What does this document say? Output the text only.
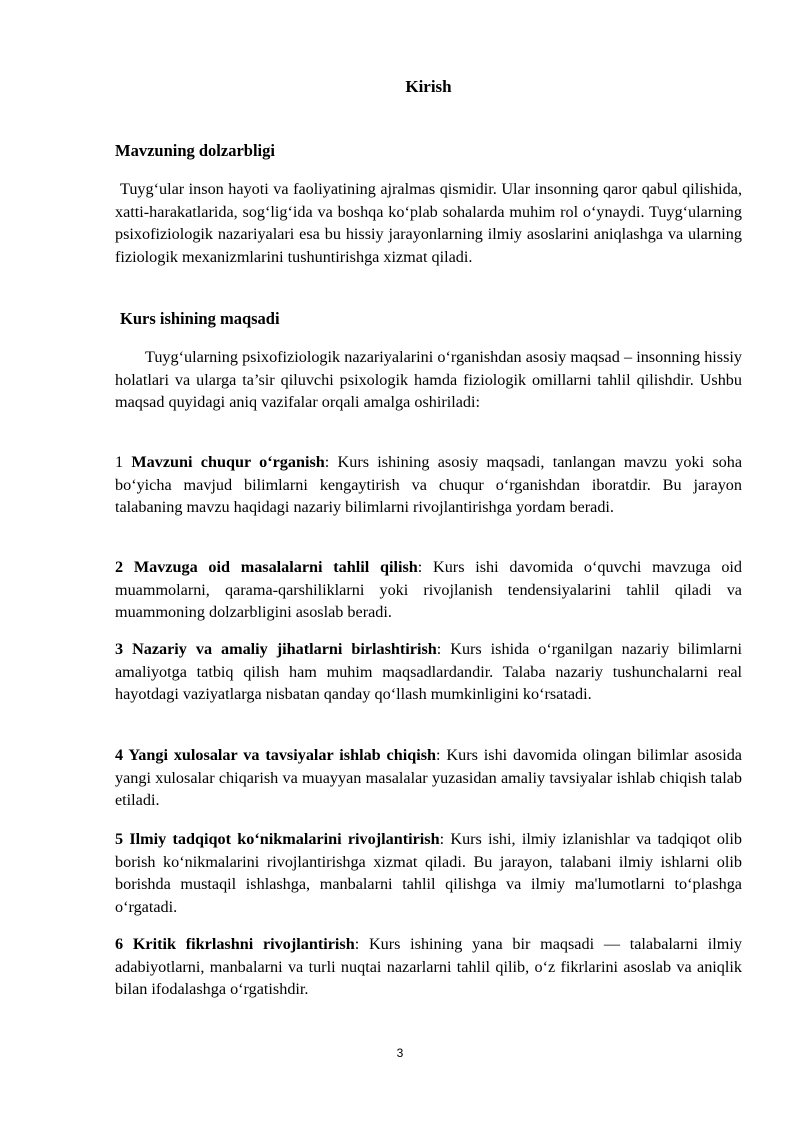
Kirish
Mavzuning dolzarbligi

Tuyg‘ular inson hayoti va faoliyatining ajralmas qismidir. Ular insonning qaror qabul qilishida, xatti-harakatlarida, sog‘lig‘ida va boshqa ko‘plab sohalarda muhim rol o‘ynaydi. Tuyg‘ularning psixofiziologik nazariyalari esa bu hissiy jarayonlarning ilmiy asoslarini aniqlashga va ularning fiziologik mexanizmlarini tushuntirishga xizmat qiladi.

Kurs ishining maqsadi

Tuyg‘ularning psixofiziologik nazariyalarini o‘rganishdan asosiy maqsad – insonning hissiy holatlari va ularga ta’sir qiluvchi psixologik hamda fiziologik omillarni tahlil qilishdir. Ushbu maqsad quyidagi aniq vazifalar orqali amalga oshiriladi:

1 Mavzuni chuqur o‘rganish: Kurs ishining asosiy maqsadi, tanlangan mavzu yoki soha bo‘yicha mavjud bilimlarni kengaytirish va chuqur o‘rganishdan iboratdir. Bu jarayon talabaning mavzu haqidagi nazariy bilimlarni rivojlantirishga yordam beradi.

2 Mavzuga oid masalalarni tahlil qilish: Kurs ishi davomida o‘quvchi mavzuga oid muammolarni, qarama-qarshiliklarni yoki rivojlanish tendensiyalarini tahlil qiladi va muammoning dolzarbligini asoslab beradi.

3 Nazariy va amaliy jihatlarni birlashtirish: Kurs ishida o‘rganilgan nazariy bilimlarni amaliyotga tatbiq qilish ham muhim maqsadlardandir. Talaba nazariy tushunchalarni real hayotdagi vaziyatlarga nisbatan qanday qo‘llash mumkinligini ko‘rsatadi.

4 Yangi xulosalar va tavsiyalar ishlab chiqish: Kurs ishi davomida olingan bilimlar asosida yangi xulosalar chiqarish va muayyan masalalar yuzasidan amaliy tavsiyalar ishlab chiqish talab etiladi.

5 Ilmiy tadqiqot ko‘nikmalarini rivojlantirish: Kurs ishi, ilmiy izlanishlar va tadqiqot olib borish ko‘nikmalarini rivojlantirishga xizmat qiladi. Bu jarayon, talabani ilmiy ishlarni olib borishda mustaqil ishlashga, manbalarni tahlil qilishga va ilmiy ma'lumotlarni to‘plashga o‘rgatadi.

6 Kritik fikrlashni rivojlantirish: Kurs ishining yana bir maqsadi — talabalarni ilmiy adabiyotlarni, manbalarni va turli nuqtai nazarlarni tahlil qilib, o‘z fikrlarini asoslab va aniqlik bilan ifodalashga o‘rgatishdir.

3
